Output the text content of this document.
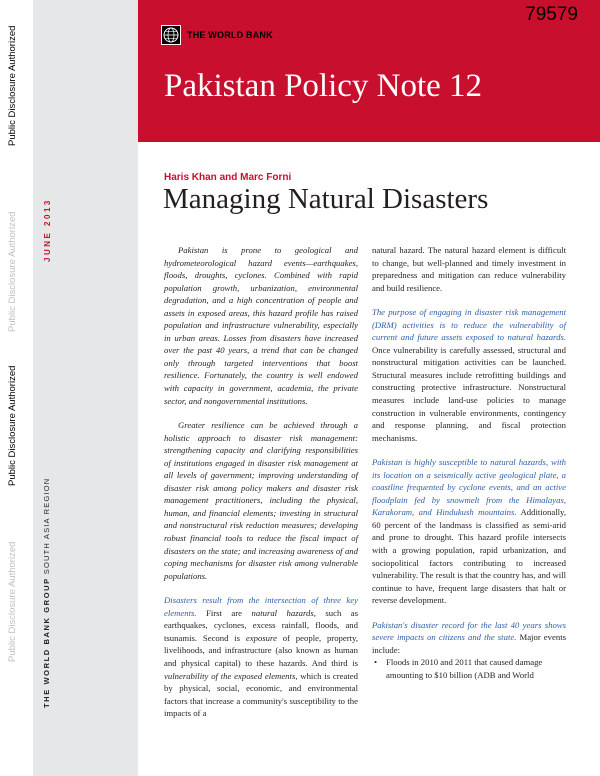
Public Disclosure Authorized
Public Disclosure Authorized
Public Disclosure Authorized
Public Disclosure Authorized	THE WORLD BANK GROUPSOUTH ASIA REGION
JUNE 2013
79579
THE WORLD BANK
Pakistan Policy Note 12
Haris Khan and Marc Forni
Managing Natural Disasters

Pakistan is prone to geological and hydrometeorological hazard events—earthquakes, floods, droughts, cyclones. Combined with rapid population growth, urbanization, environmental degradation, and a high concentration of people and assets in exposed areas, this hazard profile has raised population and infrastructure vulnerability, especially in urban areas. Losses from disasters have increased over the past 40 years, a trend that can be changed only through targeted interventions that boost resilience. Fortunately, the country is well endowed with capacity in government, academia, the private sector, and nongovernmental institutions.

Greater resilience can be achieved through a holistic approach to disaster risk management: strengthening capacity and clarifying responsibilities of institutions engaged in disaster risk management at all levels of government; improving understanding of disaster risk among policy makers and disaster risk management practitioners, including the physical, human, and financial elements; investing in structural and nonstructural risk reduction measures; developing robust financial tools to reduce the fiscal impact of disasters on the state; and increasing awareness of and coping mechanisms for disaster risk among vulnerable populations.

Disasters result from the intersection of three key elements. First are natural hazards, such as earthquakes, cyclones, excess rainfall, floods, and tsunamis. Second is exposure of people, property, livelihoods, and infrastructure (also known as human and physical capital) to these hazards. And third is vulnerability of the exposed elements, which is created by physical, social, economic, and environmental factors that increase a community's susceptibility to the impacts of a

natural hazard. The natural hazard element is difficult to change, but well-planned and timely investment in preparedness and mitigation can reduce vulnerability and build resilience.

The purpose of engaging in disaster risk management (DRM) activities is to reduce the vulnerability of current and future assets exposed to natural hazards. Once vulnerability is carefully assessed, structural and nonstructural mitigation activities can be launched. Structural measures include retrofitting buildings and constructing protective infrastructure. Nonstructural measures include land-use policies to manage construction in vulnerable environments, contingency and response planning, and fiscal protection mechanisms.

Pakistan is highly susceptible to natural hazards, with its location on a seismically active geological plate, a coastline frequented by cyclone events, and an active floodplain fed by snowmelt from the Himalayas, Karakoram, and Hindukush mountains. Additionally, 60 percent of the landmass is classified as semi-arid and prone to drought. This hazard profile intersects with a growing population, rapid urbanization, and sociopolitical factors contributing to increased vulnerability. The result is that the country has, and will continue to have, frequent large disasters that halt or reverse development.

Pakistan's disaster record for the last 40 years shows severe impacts on citizens and the state. Major events include:

• Floods in 2010 and 2011 that caused damage amounting to $10 billion (ADB and World
